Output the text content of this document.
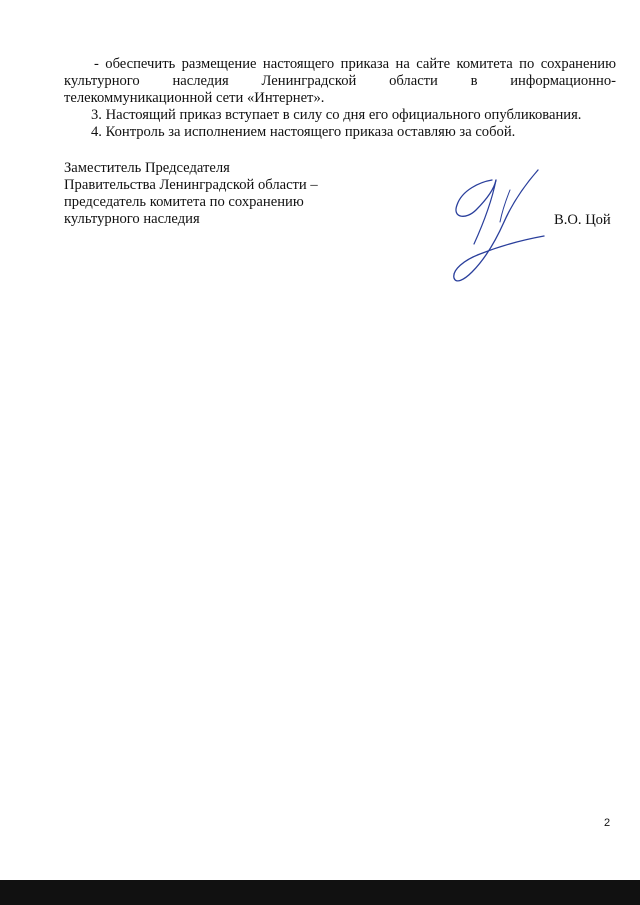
- обеспечить размещение настоящего приказа на сайте комитета по сохранению культурного наследия Ленинградской области в информационно-телекоммуникационной сети «Интернет».

3. Настоящий приказ вступает в силу со дня его официального опубликования.

4. Контроль за исполнением настоящего приказа оставляю за собой.

Заместитель Председателя
Правительства Ленинградской области –
председатель комитета по сохранению
культурного наследия	В.О. Цой
2
